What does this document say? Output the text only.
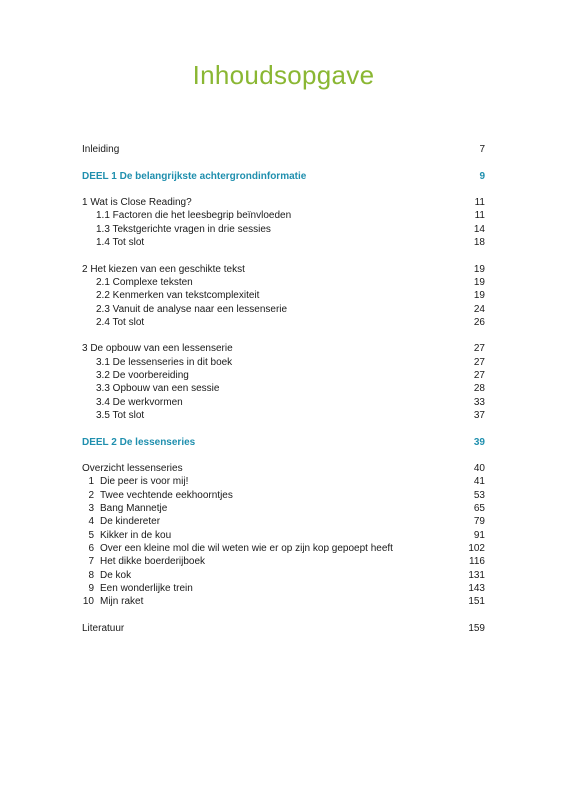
Inhoudsopgave
Inleiding	7
DEEL 1 De belangrijkste achtergrondinformatie	9
1 Wat is Close Reading?	11
1.1 Factoren die het leesbegrip beïnvloeden	11
1.3 Tekstgerichte vragen in drie sessies	14
1.4 Tot slot	18
2 Het kiezen van een geschikte tekst	19
2.1 Complexe teksten	19
2.2 Kenmerken van tekstcomplexiteit	19
2.3 Vanuit de analyse naar een lessenserie	24
2.4 Tot slot	26
3 De opbouw van een lessenserie	27
3.1 De lessenseries in dit boek	27
3.2 De voorbereiding	27
3.3 Opbouw van een sessie	28
3.4 De werkvormen	33
3.5 Tot slot	37
DEEL 2 De lessenseries	39
Overzicht lessenseries	40
1 Die peer is voor mij!	41
2 Twee vechtende eekhoorntjes	53
3 Bang Mannetje	65
4 De kindereter	79
5 Kikker in de kou	91
6 Over een kleine mol die wil weten wie er op zijn kop gepoept heeft	102
7 Het dikke boerderijboek	116
8 De kok	131
9 Een wonderlijke trein	143
10 Mijn raket	151
Literatuur	159
